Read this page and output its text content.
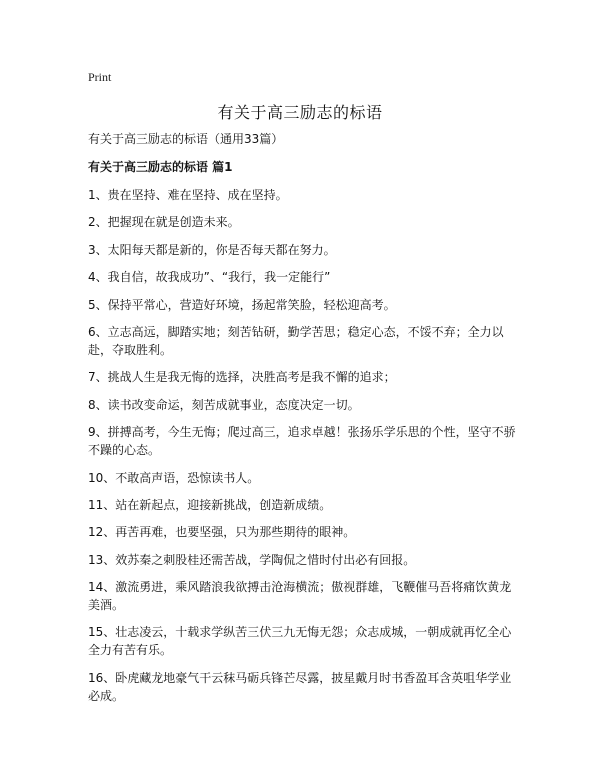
Print
有关于高三励志的标语

有关于高三励志的标语（通用33篇）

有关于高三励志的标语 篇1

1、贵在坚持、难在坚持、成在坚持。
2、把握现在就是创造未来。
3、太阳每天都是新的，你是否每天都在努力。
4、我自信，故我成功”、“我行，我一定能行”
5、保持平常心，营造好环境，扬起常笑脸，轻松迎高考。
6、立志高远，脚踏实地；刻苦钻研，勤学苦思；稳定心态，不馁不弃；全力以赴，夺取胜利。
7、挑战人生是我无悔的选择，决胜高考是我不懈的追求；
8、读书改变命运，刻苦成就事业，态度决定一切。
9、拼搏高考，今生无悔；爬过高三，追求卓越！张扬乐学乐思的个性，坚守不骄不躁的心态。
10、不敢高声语，恐惊读书人。
11、站在新起点，迎接新挑战，创造新成绩。
12、再苦再难，也要坚强，只为那些期待的眼神。
13、效苏秦之刺股桂还需苦战，学陶侃之惜时付出必有回报。
14、激流勇进，乘风踏浪我欲搏击沧海横流；傲视群雄，飞鞭催马吾将痛饮黄龙美酒。
15、壮志凌云，十载求学纵苦三伏三九无悔无怨；众志成城，一朝成就再忆全心全力有苦有乐。
16、卧虎藏龙地豪气干云秣马砺兵锋芒尽露，披星戴月时书香盈耳含英咀华学业必成。
